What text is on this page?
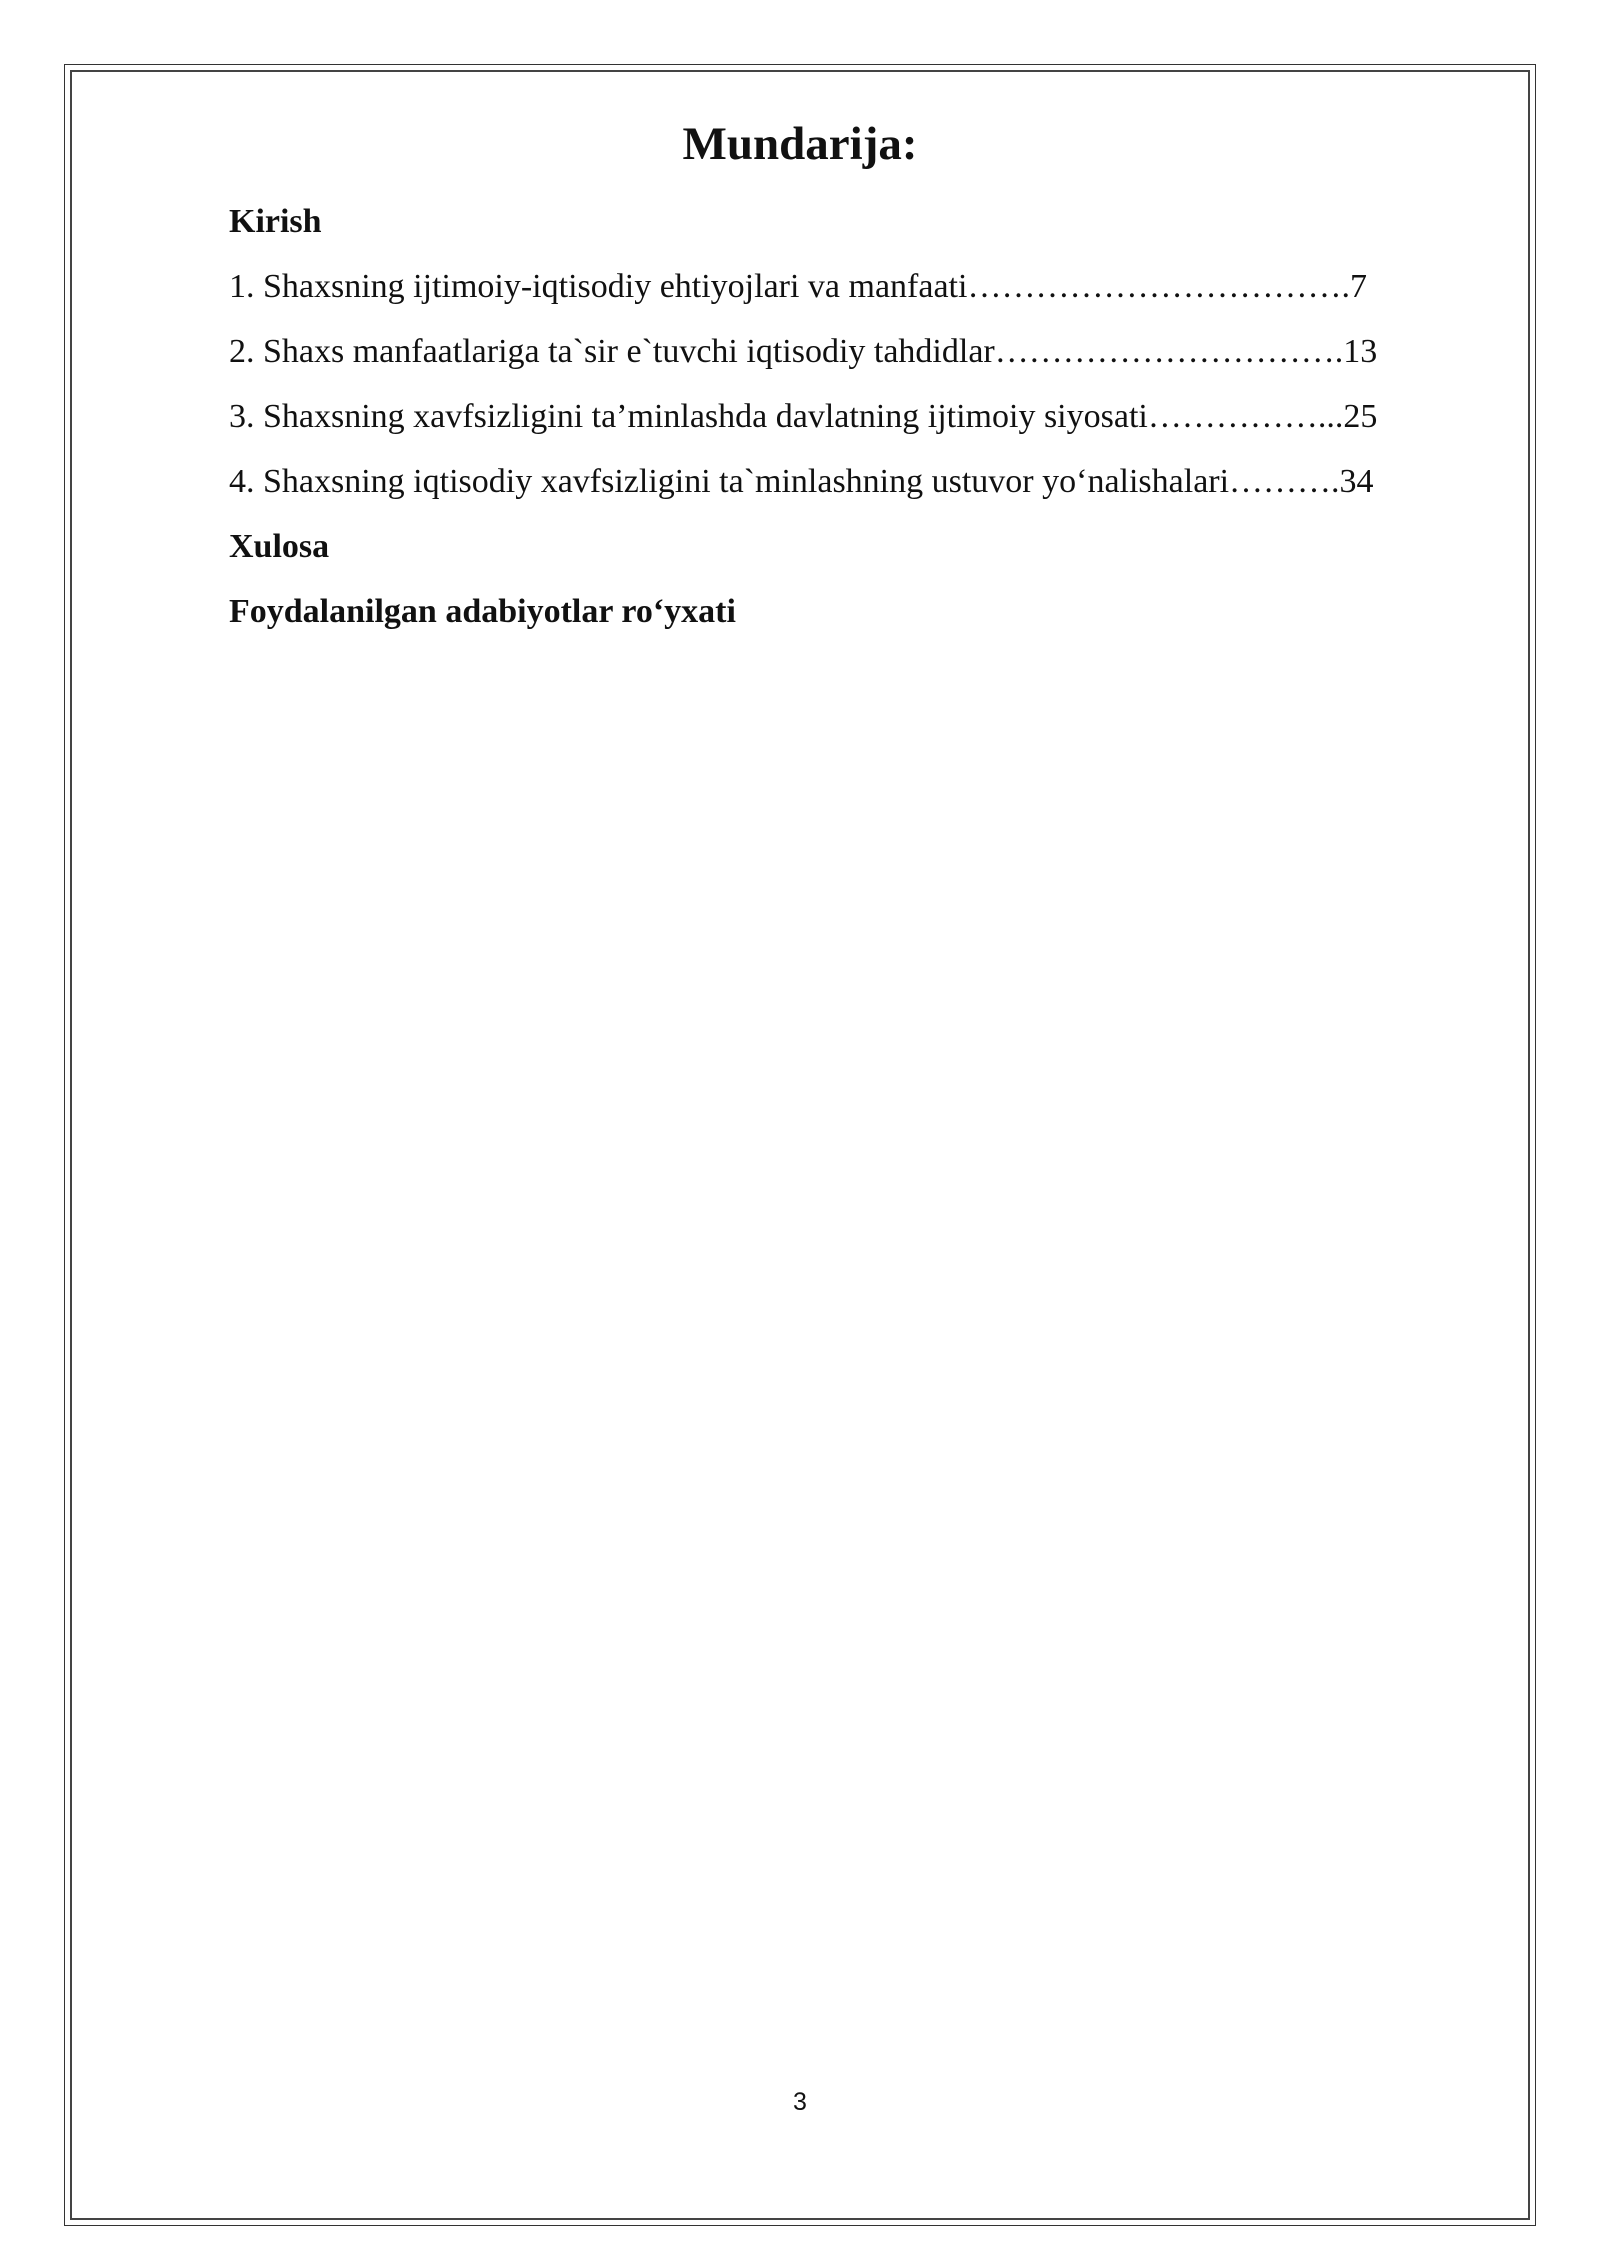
Mundarija:
Kirish
1. Shaxsning ijtimoiy-iqtisodiy ehtiyojlari va manfaati…………………………….7
2. Shaxs manfaatlariga ta`sir e`tuvchi iqtisodiy tahdidlar………………………….13
3. Shaxsning xavfsizligini ta’minlashda davlatning ijtimoiy siyosati……………...25
4. Shaxsning iqtisodiy xavfsizligini ta`minlashning ustuvor yo‘nalishalari……….34
Xulosa
Foydalanilgan adabiyotlar ro‘yxati
3
